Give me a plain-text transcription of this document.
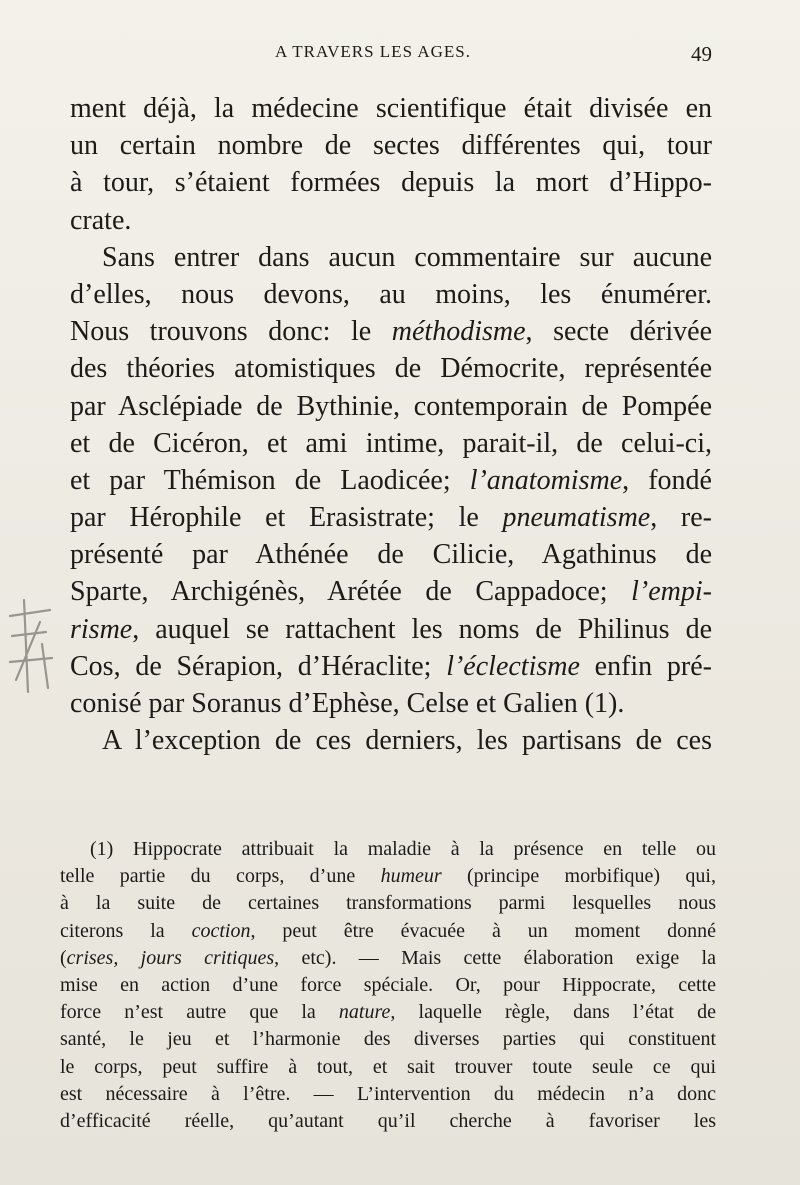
A TRAVERS LES AGES.	49
ment déjà, la médecine scientifique était divisée en
un certain nombre de sectes différentes qui, tour
à tour, s’étaient formées depuis la mort d’Hippo-
crate.
Sans entrer dans aucun commentaire sur aucune
d’elles, nous devons, au moins, les énumérer.
Nous trouvons donc: le méthodisme, secte dérivée
des théories atomistiques de Démocrite, représentée
par Asclépiade de Bythinie, contemporain de Pompée
et de Cicéron, et ami intime, parait-il, de celui-ci,
et par Thémison de Laodicée; l’anatomisme, fondé
par Hérophile et Erasistrate; le pneumatisme, re-
présenté par Athénée de Cilicie, Agathinus de
Sparte, Archigénès, Arétée de Cappadoce; l’empi-
risme, auquel se rattachent les noms de Philinus de
Cos, de Sérapion, d’Héraclite; l’éclectisme enfin pré-
conisé par Soranus d’Ephèse, Celse et Galien (1).
A l’exception de ces derniers, les partisans de ces
(1) Hippocrate attribuait la maladie à la présence en telle ou
telle partie du corps, d’une humeur (principe morbifique) qui,
à la suite de certaines transformations parmi lesquelles nous
citerons la coction, peut être évacuée à un moment donné
(crises, jours critiques, etc). — Mais cette élaboration exige la
mise en action d’une force spéciale. Or, pour Hippocrate, cette
force n’est autre que la nature, laquelle règle, dans l’état de
santé, le jeu et l’harmonie des diverses parties qui constituent
le corps, peut suffire à tout, et sait trouver toute seule ce qui
est nécessaire à l’être. — L’intervention du médecin n’a donc
d’efficacité réelle, qu’autant qu’il cherche à favoriser les
